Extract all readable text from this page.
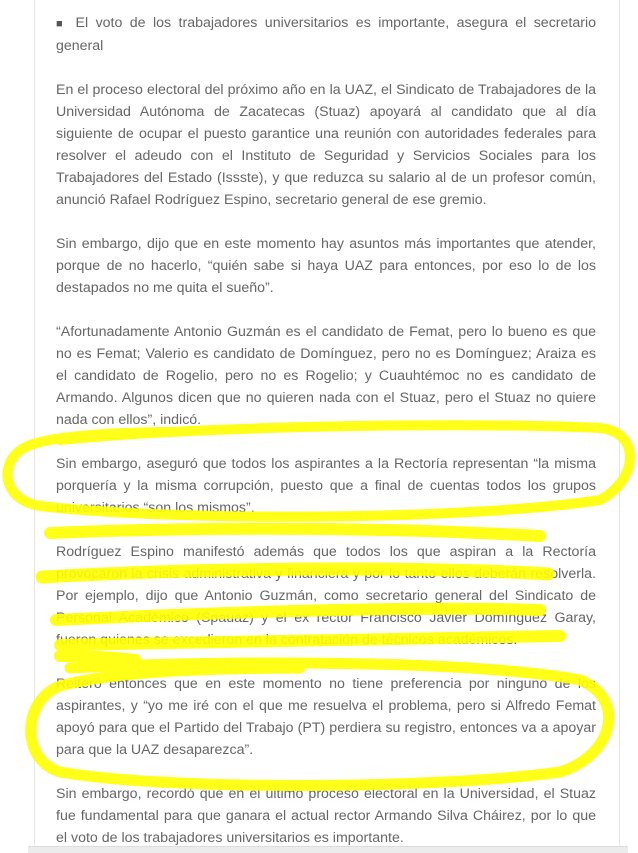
■ El voto de los trabajadores universitarios es importante, asegura el secretario general

En el proceso electoral del próximo año en la UAZ, el Sindicato de Trabajadores de la Universidad Autónoma de Zacatecas (Stuaz) apoyará al candidato que al día siguiente de ocupar el puesto garantice una reunión con autoridades federales para resolver el adeudo con el Instituto de Seguridad y Servicios Sociales para los Trabajadores del Estado (Issste), y que reduzca su salario al de un profesor común, anunció Rafael Rodríguez Espino, secretario general de ese gremio.

Sin embargo, dijo que en este momento hay asuntos más importantes que atender, porque de no hacerlo, “quién sabe si haya UAZ para entonces, por eso lo de los destapados no me quita el sueño”.

“Afortunadamente Antonio Guzmán es el candidato de Femat, pero lo bueno es que no es Femat; Valerio es candidato de Domínguez, pero no es Domínguez; Araiza es el candidato de Rogelio, pero no es Rogelio; y Cuauhtémoc no es candidato de Armando. Algunos dicen que no quieren nada con el Stuaz, pero el Stuaz no quiere nada con ellos”, indicó.

Sin embargo, aseguró que todos los aspirantes a la Rectoría representan “la misma porquería y la misma corrupción, puesto que a final de cuentas todos los grupos universitarios “son los mismos”.

Rodríguez Espino manifestó además que todos los que aspiran a la Rectoría provocaron la crisis administrativa y financiera y por lo tanto ellos deberán resolverla. Por ejemplo, dijo que Antonio Guzmán, como secretario general del Sindicato de Personal Académico (Spauaz) y el ex rector Francisco Javier Domínguez Garay, fueron quienes se excedieron en la contratación de técnicos académicos.

Reiteró entonces que en este momento no tiene preferencia por ninguno de los aspirantes, y “yo me iré con el que me resuelva el problema, pero si Alfredo Femat apoyó para que el Partido del Trabajo (PT) perdiera su registro, entonces va a apoyar para que la UAZ desaparezca”.

Sin embargo, recordó que en el último proceso electoral en la Universidad, el Stuaz fue fundamental para que ganara el actual rector Armando Silva Cháirez, por lo que el voto de los trabajadores universitarios es importante.
